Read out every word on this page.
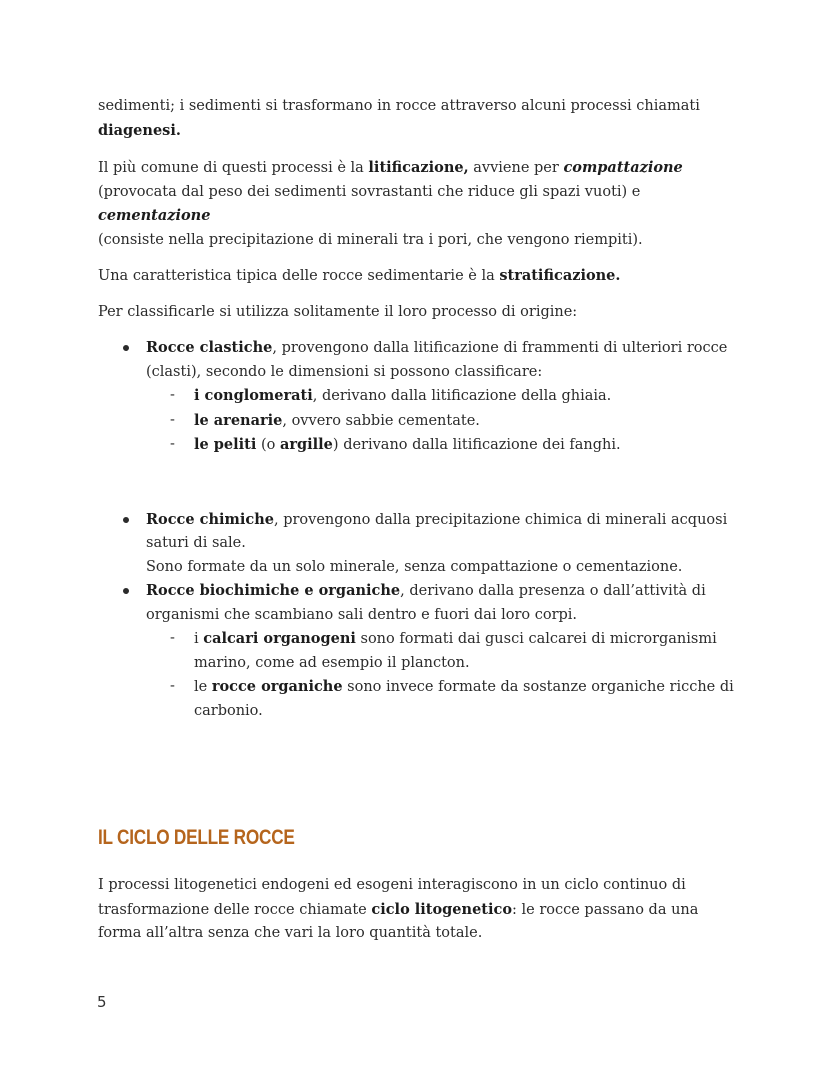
sedimenti; i sedimenti si trasformano in rocce attraverso alcuni processi chiamati
diagenesi.

Il più comune di questi processi è la litificazione, avviene per compattazione
(provocata dal peso dei sedimenti sovrastanti che riduce gli spazi vuoti) e cementazione
(consiste nella precipitazione di minerali tra i pori, che vengono riempiti).

Una caratteristica tipica delle rocce sedimentarie è la stratificazione.

Per classificarle si utilizza solitamente il loro processo di origine:

Rocce clastiche, provengono dalla litificazione di frammenti di ulteriori rocce (clasti), secondo le dimensioni si possono classificare:
- i conglomerati, derivano dalla litificazione della ghiaia.
- le arenarie, ovvero sabbie cementate.
- le peliti (o argille) derivano dalla litificazione dei fanghi.
Rocce chimiche, provengono dalla precipitazione chimica di minerali acquosi saturi di sale.
Sono formate da un solo minerale, senza compattazione o cementazione.
Rocce biochimiche e organiche, derivano dalla presenza o dall’attività di organismi che scambiano sali dentro e fuori dai loro corpi.
- i calcari organogeni sono formati dai gusci calcarei di microrganismi marino, come ad esempio il plancton.
- le rocce organiche sono invece formate da sostanze organiche ricche di carbonio.
IL CICLO DELLE ROCCE

I processi litogenetici endogeni ed esogeni interagiscono in un ciclo continuo di trasformazione delle rocce chiamate ciclo litogenetico: le rocce passano da una forma all’altra senza che vari la loro quantità totale.

5
